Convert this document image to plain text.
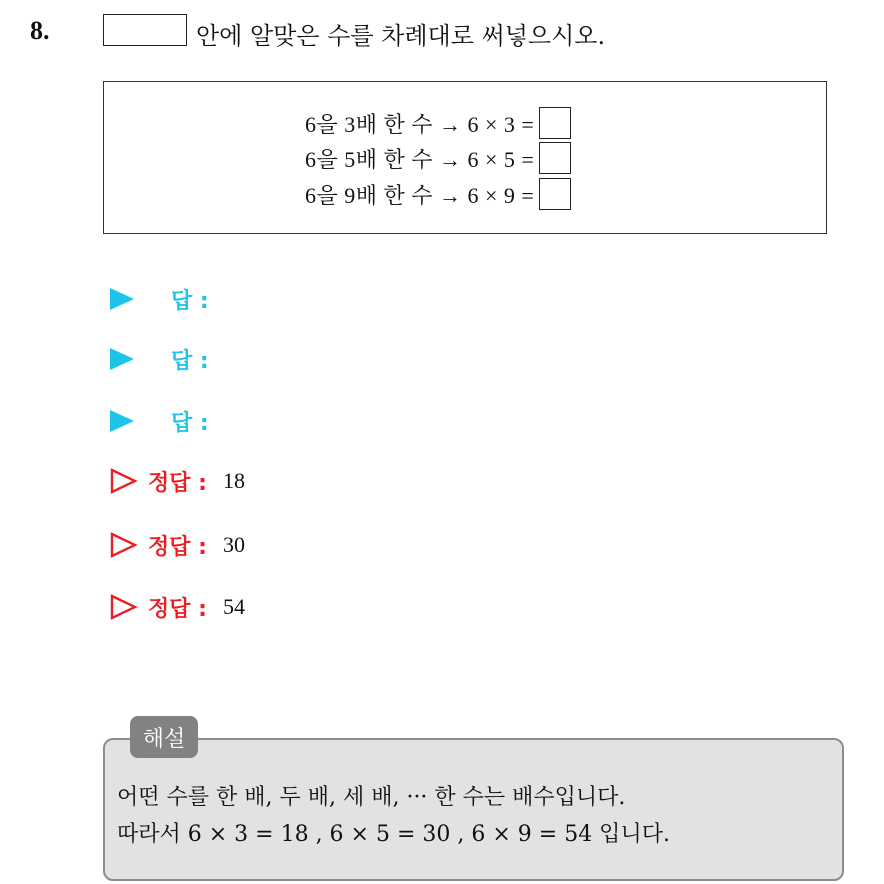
8.	안에 알맞은 수를 차례대로 써넣으시오.
6을 3배 한 수 → 6 × 3 =
6을 5배 한 수 → 6 × 5 =
6을 9배 한 수 → 6 × 9 =
답 :
답 :
답 :
정답 : 18
정답 : 30
정답 : 54
해설
어떤 수를 한 배, 두 배, 세 배, ··· 한 수는 배수입니다.
따라서 6 × 3 = 18 , 6 × 5 = 30 , 6 × 9 = 54 입니다.
